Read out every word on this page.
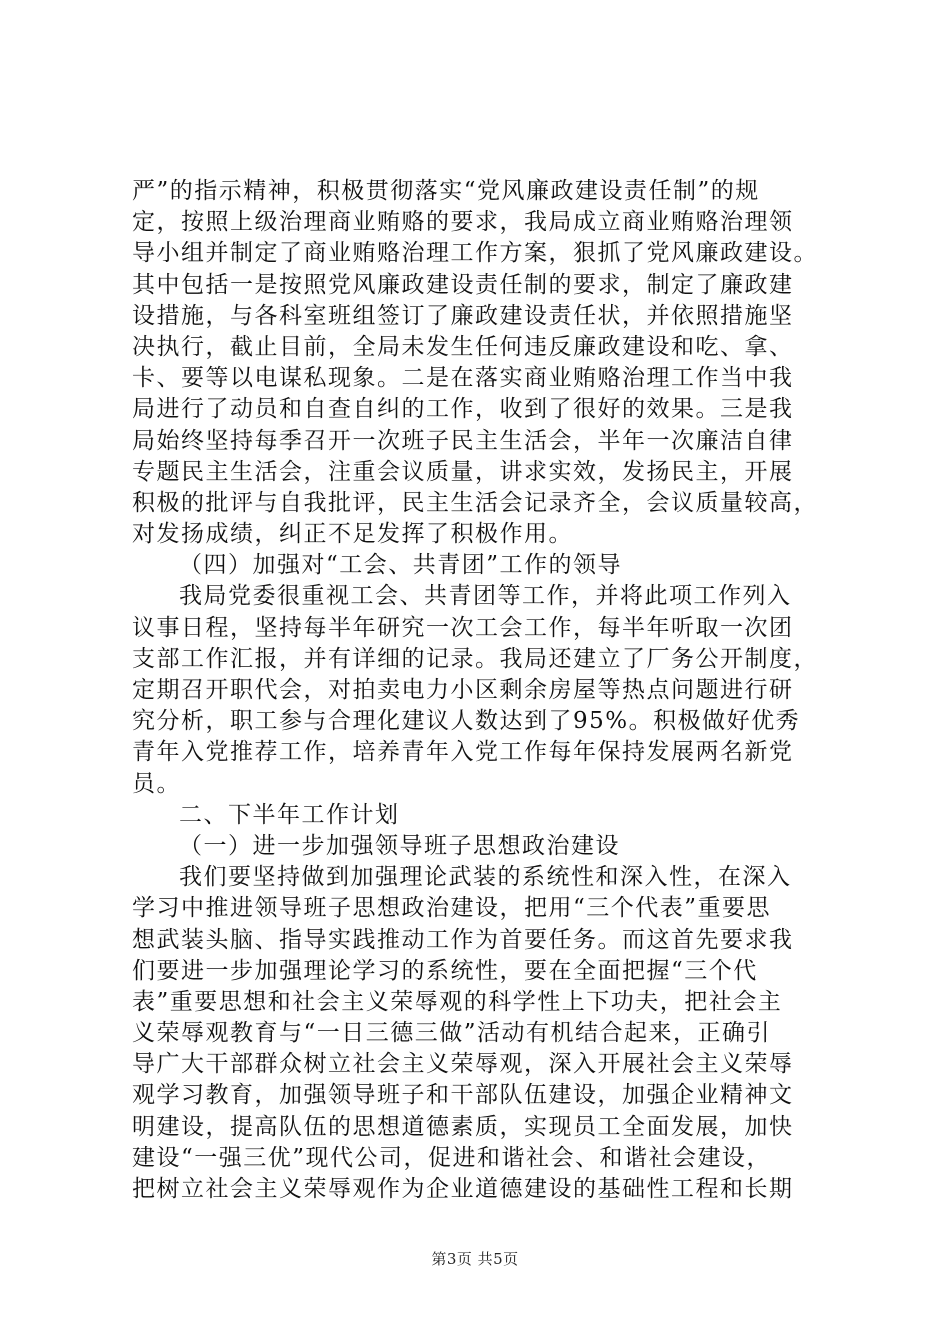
严”的指示精神，积极贯彻落实“党风廉政建设责任制”的规
定，按照上级治理商业贿赂的要求，我局成立商业贿赂治理领
导小组并制定了商业贿赂治理工作方案，狠抓了党风廉政建设。
其中包括一是按照党风廉政建设责任制的要求，制定了廉政建
设措施，与各科室班组签订了廉政建设责任状，并依照措施坚
决执行，截止目前，全局未发生任何违反廉政建设和吃、拿、
卡、要等以电谋私现象。二是在落实商业贿赂治理工作当中我
局进行了动员和自查自纠的工作，收到了很好的效果。三是我
局始终坚持每季召开一次班子民主生活会，半年一次廉洁自律
专题民主生活会，注重会议质量，讲求实效，发扬民主，开展
积极的批评与自我批评，民主生活会记录齐全，会议质量较高，
对发扬成绩，纠正不足发挥了积极作用。
（四）加强对“工会、共青团”工作的领导
我局党委很重视工会、共青团等工作，并将此项工作列入
议事日程，坚持每半年研究一次工会工作，每半年听取一次团
支部工作汇报，并有详细的记录。我局还建立了厂务公开制度，
定期召开职代会，对拍卖电力小区剩余房屋等热点问题进行研
究分析，职工参与合理化建议人数达到了95%。积极做好优秀
青年入党推荐工作，培养青年入党工作每年保持发展两名新党
员。
二、下半年工作计划
（一）进一步加强领导班子思想政治建设
我们要坚持做到加强理论武装的系统性和深入性，在深入
学习中推进领导班子思想政治建设，把用“三个代表”重要思
想武装头脑、指导实践推动工作为首要任务。而这首先要求我
们要进一步加强理论学习的系统性，要在全面把握“三个代
表”重要思想和社会主义荣辱观的科学性上下功夫，把社会主
义荣辱观教育与“一日三德三做”活动有机结合起来，正确引
导广大干部群众树立社会主义荣辱观，深入开展社会主义荣辱
观学习教育，加强领导班子和干部队伍建设，加强企业精神文
明建设，提高队伍的思想道德素质，实现员工全面发展，加快
建设“一强三优”现代公司，促进和谐社会、和谐社会建设，
把树立社会主义荣辱观作为企业道德建设的基础性工程和长期
第3页 共5页
